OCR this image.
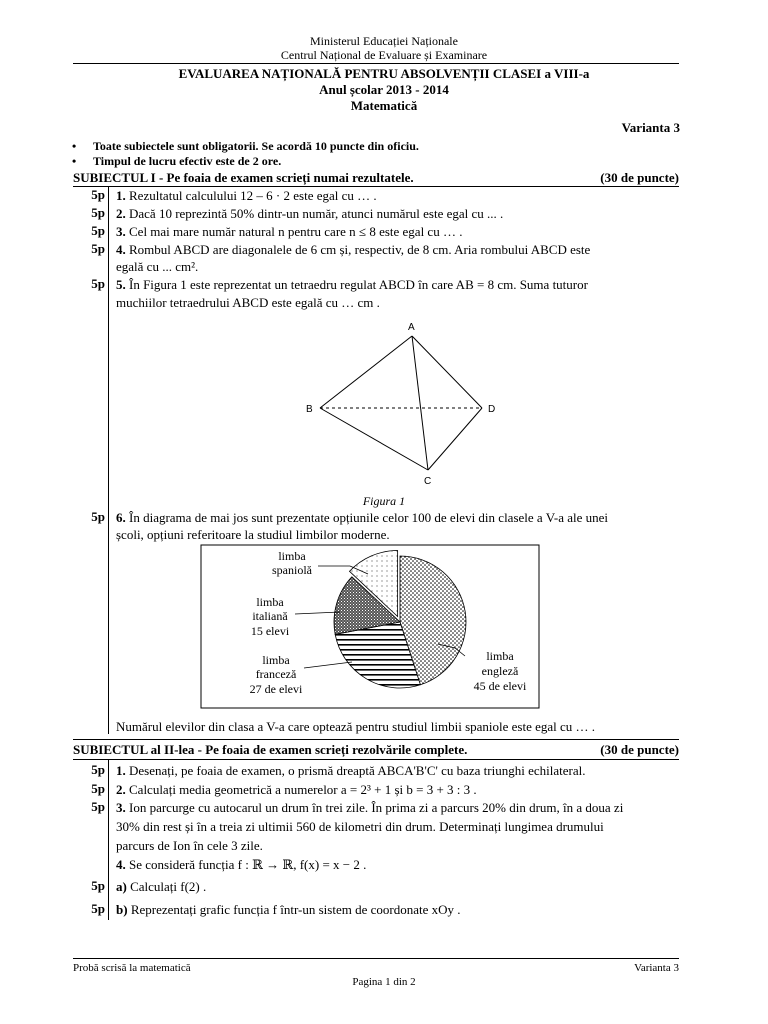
Ministerul Educației Naționale
Centrul Național de Evaluare și Examinare
EVALUAREA NAȚIONALĂ PENTRU ABSOLVENȚII CLASEI a VIII-a
Anul școlar 2013 - 2014
Matematică
Varianta 3
• Toate subiectele sunt obligatorii. Se acordă 10 puncte din oficiu.
• Timpul de lucru efectiv este de 2 ore.
SUBIECTUL I - Pe foaia de examen scrieți numai rezultatele.	(30 de puncte)
5p 1. Rezultatul calculului 12 – 6 · 2 este egal cu … .
5p 2. Dacă 10 reprezintă 50% dintr-un număr, atunci numărul este egal cu ... .
5p 3. Cel mai mare număr natural n pentru care n ≤ 8 este egal cu … .
5p 4. Rombul ABCD are diagonalele de 6 cm și, respectiv, de 8 cm. Aria rombului ABCD este
egală cu ... cm².
5p 5. În Figura 1 este reprezentat un tetraedru regulat ABCD în care AB = 8 cm. Suma tuturor
muchiilor tetraedrului ABCD este egală cu … cm .
A
B
C
D
Figura 1
5p 6. În diagrama de mai jos sunt prezentate opțiunile celor 100 de elevi din clasele a V-a ale unei
școli, opțiuni referitoare la studiul limbilor moderne.
limba
spaniolă
limba
italiană
15 elevi
limba
franceză
27 de elevi
limba
engleză
45 de elevi
Numărul elevilor din clasa a V-a care optează pentru studiul limbii spaniole este egal cu … .
SUBIECTUL al II-lea - Pe foaia de examen scrieți rezolvările complete.	(30 de puncte)
5p 1. Desenați, pe foaia de examen, o prismă dreaptă ABCA'B'C' cu baza triunghi echilateral.
5p 2. Calculați media geometrică a numerelor a = 2³ + 1 și b = 3 + 3 : 3 .
5p 3. Ion parcurge cu autocarul un drum în trei zile. În prima zi a parcurs 20% din drum, în a doua zi
30% din rest și în a treia zi ultimii 560 de kilometri din drum. Determinați lungimea drumului
parcurs de Ion în cele 3 zile.
4. Se consideră funcția f : ℝ → ℝ, f(x) = x − 2 .
5p a) Calculați f(2) .
5p b) Reprezentați grafic funcția f într-un sistem de coordonate xOy .
Probă scrisă la matematică	Varianta 3
Pagina 1 din 2
